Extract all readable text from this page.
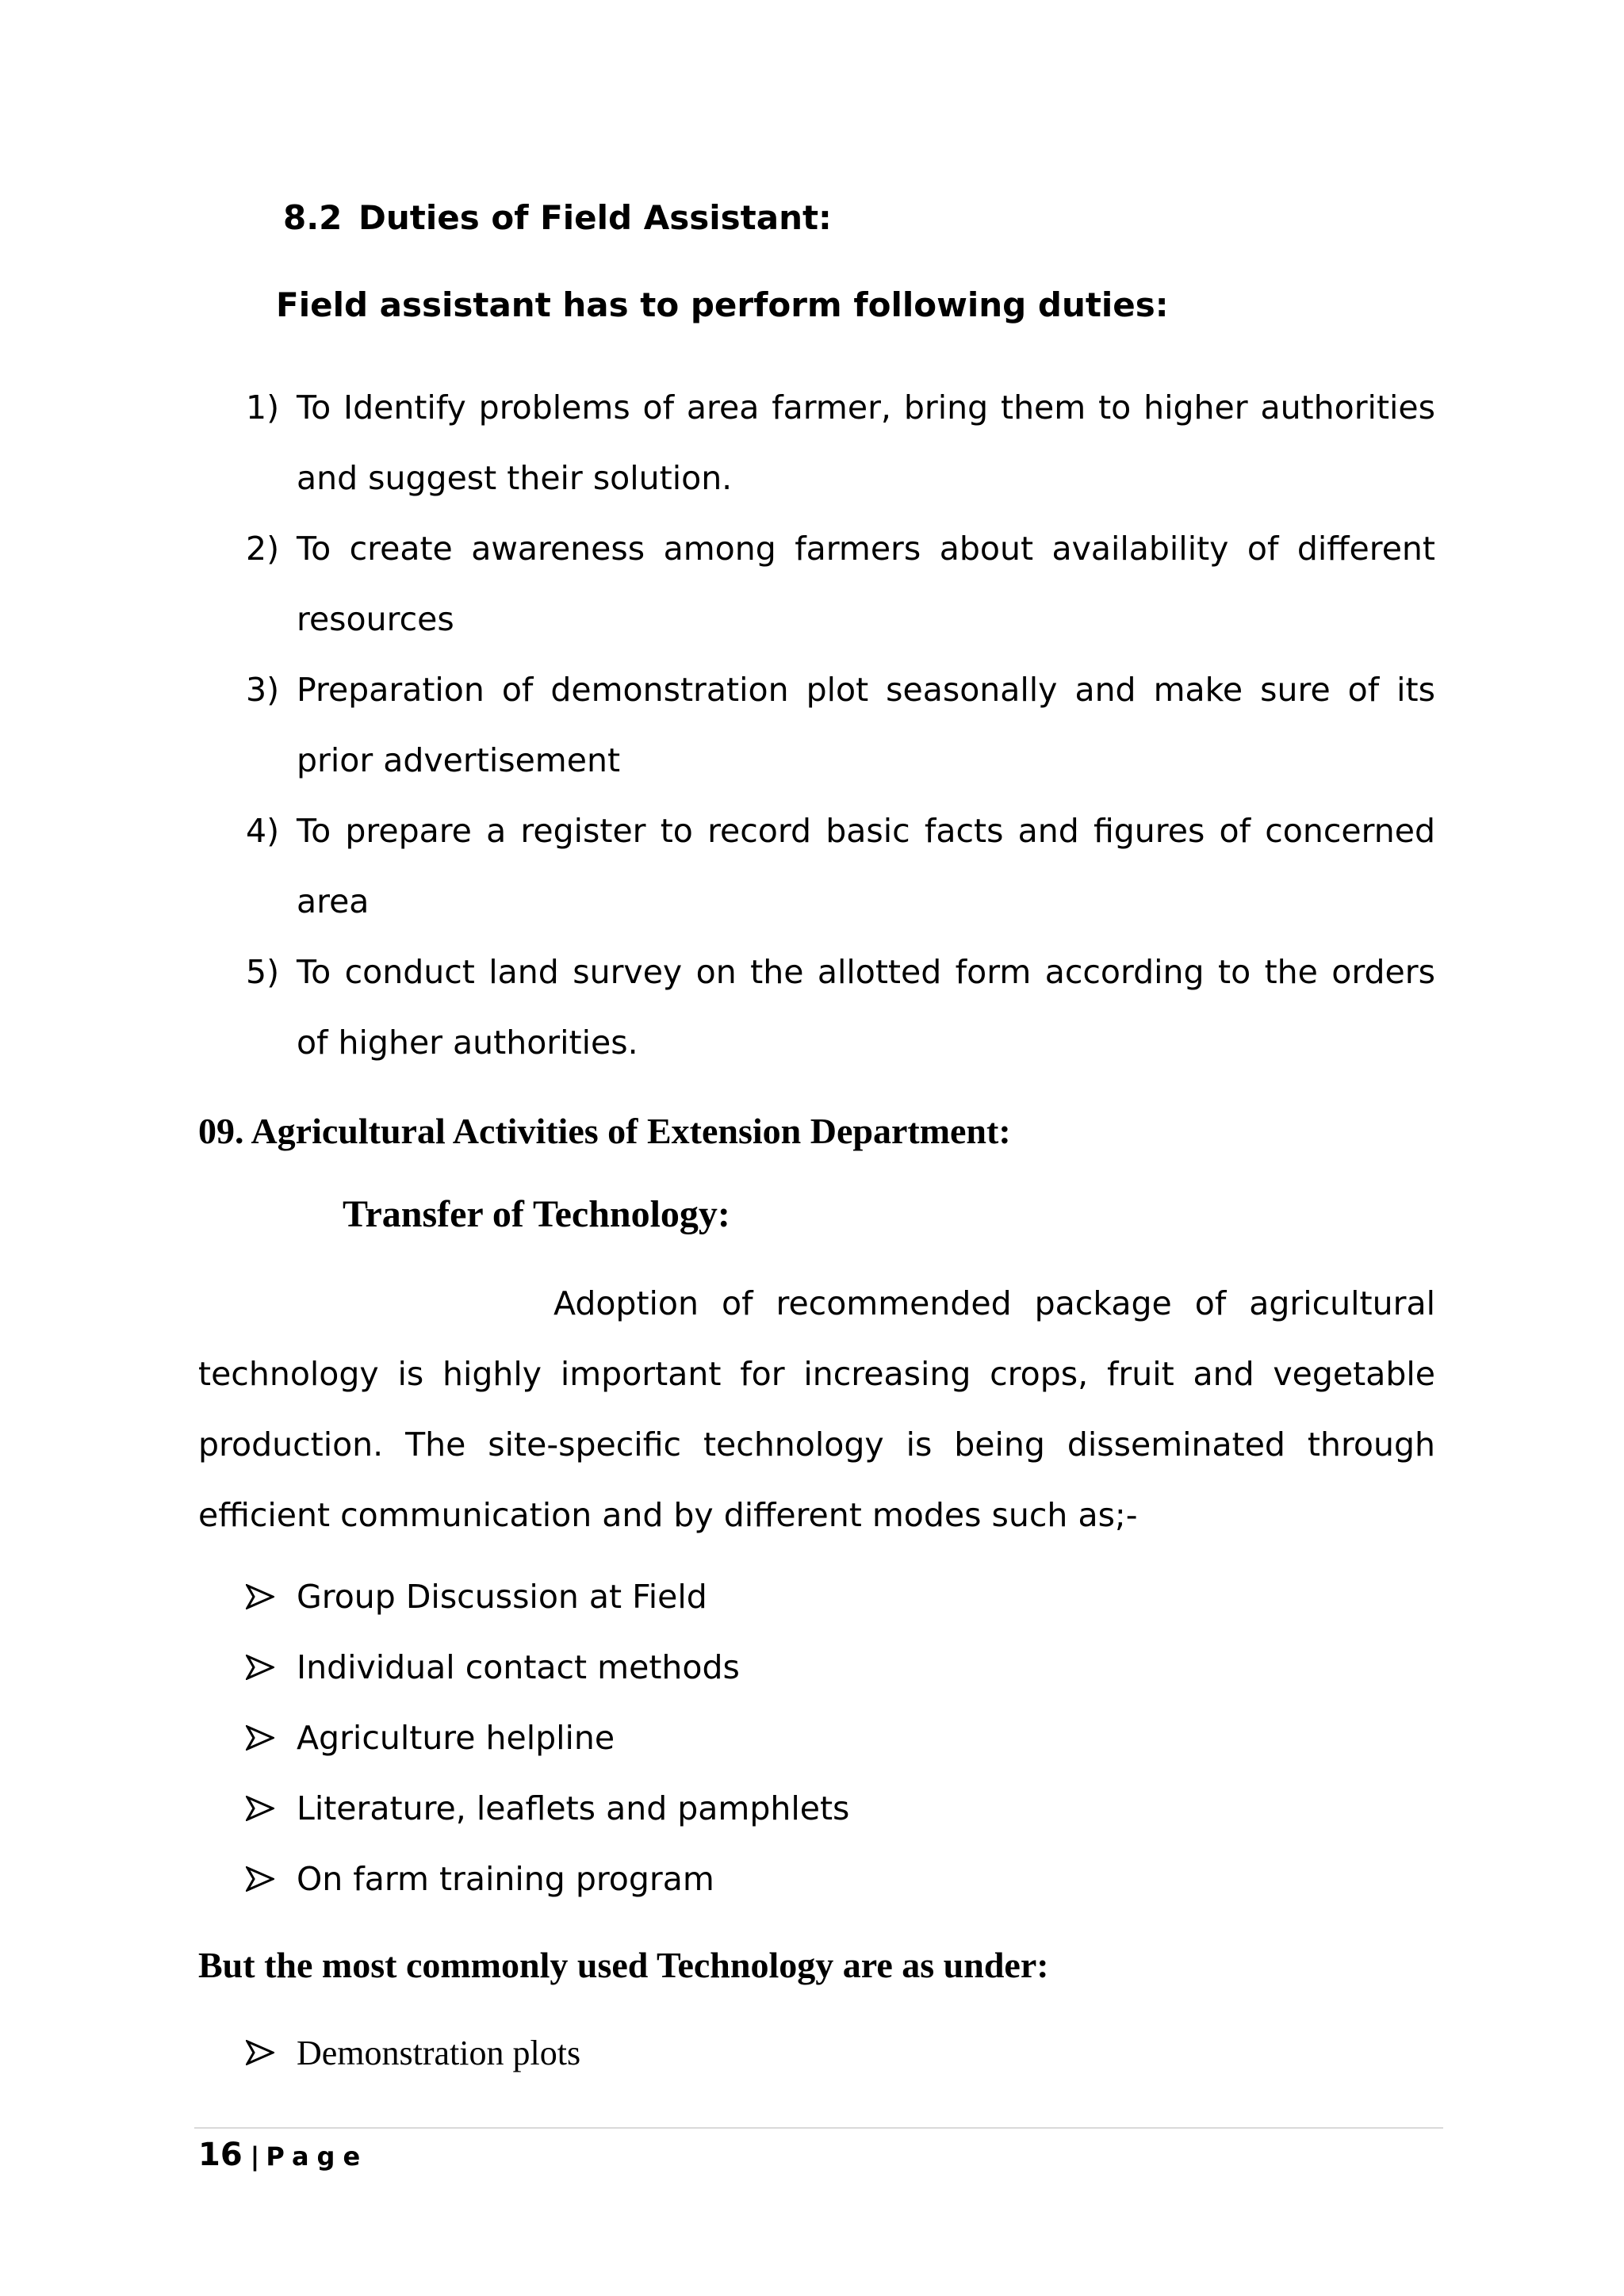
8.2 Duties of Field Assistant:
Field assistant has to perform following duties:
1) To Identify problems of area farmer, bring them to higher authorities and suggest their solution.
2) To create awareness among farmers about availability of different resources
3) Preparation of demonstration plot seasonally and make sure of its prior advertisement
4) To prepare a register to record basic facts and figures of concerned area
5) To conduct land survey on the allotted form according to the orders of higher authorities.
09. Agricultural Activities of Extension Department:
Transfer of Technology:

Adoption of recommended package of agricultural technology is highly important for increasing crops, fruit and vegetable production. The site-specific technology is being disseminated through efficient communication and by different modes such as;-

Group Discussion at Field
Individual contact methods
Agriculture helpline
Literature, leaflets and pamphlets
On farm training program
But the most commonly used Technology are as under:
Demonstration plots
16 | Page
